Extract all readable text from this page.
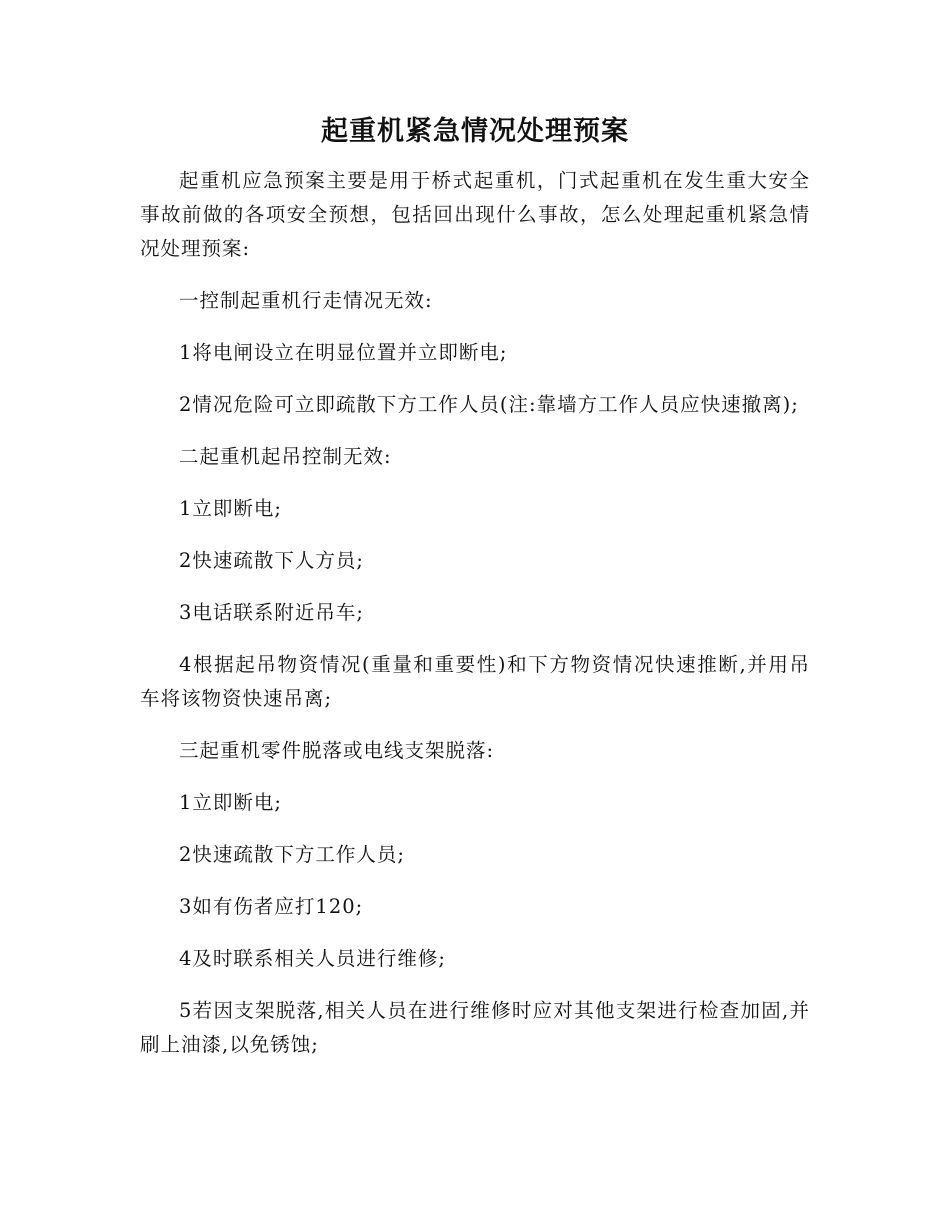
起重机紧急情况处理预案

起重机应急预案主要是用于桥式起重机，门式起重机在发生重大安全事故前做的各项安全预想，包括回出现什么事故，怎么处理起重机紧急情况处理预案:

一控制起重机行走情况无效:

1将电闸设立在明显位置并立即断电;

2情况危险可立即疏散下方工作人员(注:靠墙方工作人员应快速撤离);

二起重机起吊控制无效:

1立即断电;

2快速疏散下人方员;

3电话联系附近吊车;

4根据起吊物资情况(重量和重要性)和下方物资情况快速推断,并用吊车将该物资快速吊离;

三起重机零件脱落或电线支架脱落:

1立即断电;

2快速疏散下方工作人员;

3如有伤者应打120;

4及时联系相关人员进行维修;

5若因支架脱落,相关人员在进行维修时应对其他支架进行检查加固,并刷上油漆,以免锈蚀;
